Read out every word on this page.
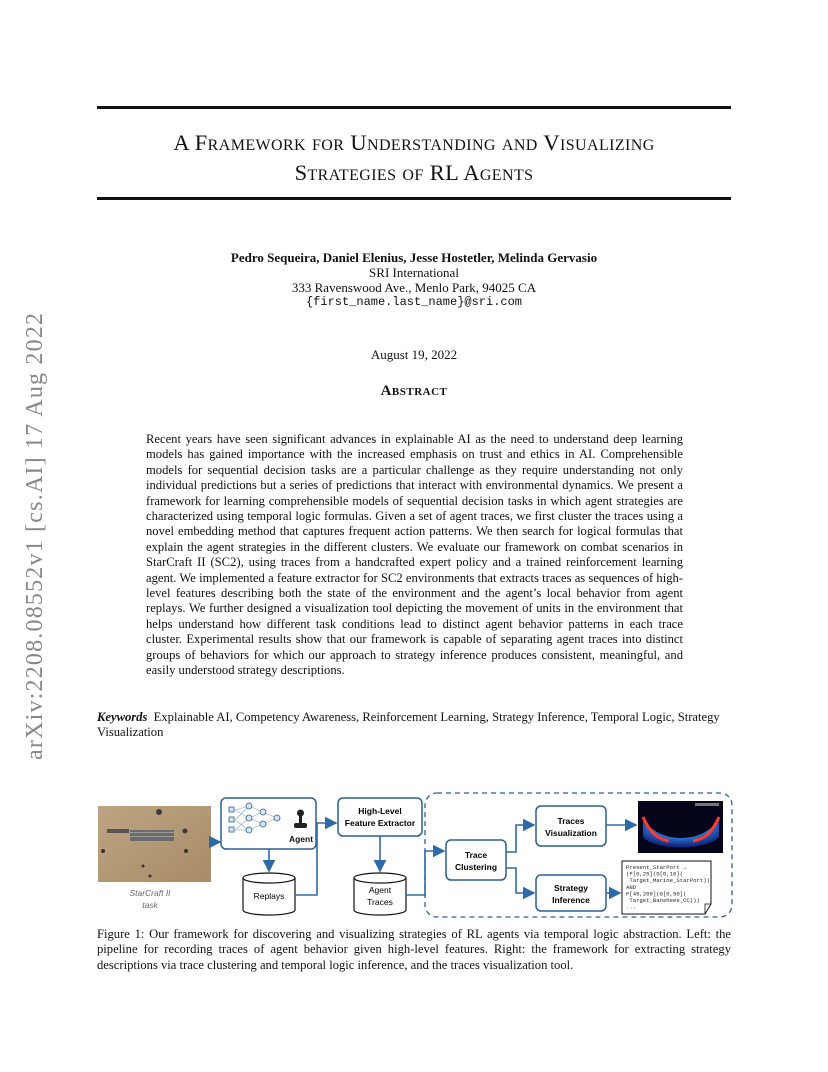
arXiv:2208.08552v1 [cs.AI] 17 Aug 2022
A Framework for Understanding and Visualizing
Strategies of RL Agents
Pedro Sequeira, Daniel Elenius, Jesse Hostetler, Melinda Gervasio
SRI International
333 Ravenswood Ave., Menlo Park, 94025 CA
{first_name.last_name}@sri.com
August 19, 2022
Abstract
Recent years have seen significant advances in explainable AI as the need to understand deep learning models has gained importance with the increased emphasis on trust and ethics in AI. Comprehensible models for sequential decision tasks are a particular challenge as they require understanding not only individual predictions but a series of predictions that interact with environmental dynamics. We present a framework for learning comprehensible models of sequential decision tasks in which agent strategies are characterized using temporal logic formulas. Given a set of agent traces, we first cluster the traces using a novel embedding method that captures frequent action patterns. We then search for logical formulas that explain the agent strategies in the different clusters. We evaluate our framework on combat scenarios in StarCraft II (SC2), using traces from a handcrafted expert policy and a trained reinforcement learning agent. We implemented a feature extractor for SC2 environments that extracts traces as sequences of high-level features describing both the state of the environment and the agent’s local behavior from agent replays. We further designed a visualization tool depicting the movement of units in the environment that helps understand how different task conditions lead to distinct agent behavior patterns in each trace cluster. Experimental results show that our framework is capable of separating agent traces into distinct groups of behaviors for which our approach to strategy inference produces consistent, meaningful, and easily understood strategy descriptions.
Keywords Explainable AI, Competency Awareness, Reinforcement Learning, Strategy Inference, Temporal Logic, Strategy Visualization
StarCraft II
task
Agent
High-Level
Feature Extractor
Replays
Agent
Traces
Trace
Clustering
Traces
Visualization
Strategy
Inference
Present_StarPort → (F[0,25](G[0,10]( Target_Marine_StarPort)) AND F[45,200](G[0,50]( Target_Banshees_CC))) ...
Figure 1: Our framework for discovering and visualizing strategies of RL agents via temporal logic abstraction. Left: the pipeline for recording traces of agent behavior given high-level features. Right: the framework for extracting strategy descriptions via trace clustering and temporal logic inference, and the traces visualization tool.
